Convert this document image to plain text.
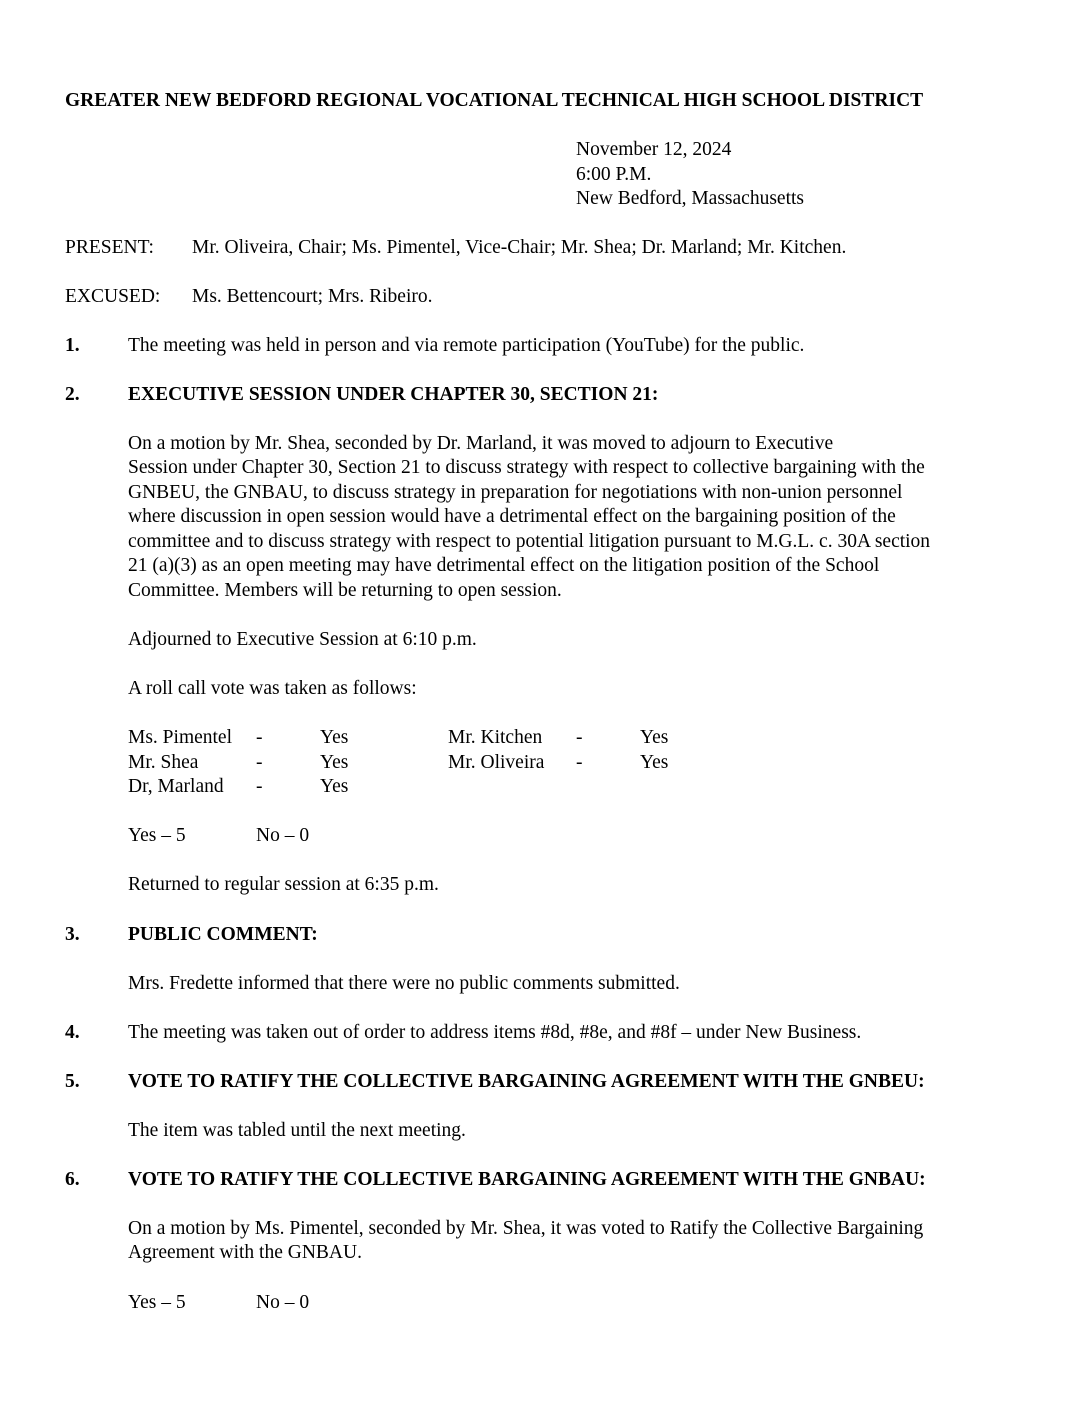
GREATER NEW BEDFORD REGIONAL VOCATIONAL TECHNICAL HIGH SCHOOL DISTRICT
November 12, 2024
6:00 P.M.
New Bedford, Massachusetts
PRESENT: Mr. Oliveira, Chair; Ms. Pimentel, Vice-Chair; Mr. Shea; Dr. Marland; Mr. Kitchen.
EXCUSED: Ms. Bettencourt; Mrs. Ribeiro.
1. The meeting was held in person and via remote participation (YouTube) for the public.
2. EXECUTIVE SESSION UNDER CHAPTER 30, SECTION 21:
On a motion by Mr. Shea, seconded by Dr. Marland, it was moved to adjourn to Executive
Session under Chapter 30, Section 21 to discuss strategy with respect to collective bargaining with the
GNBEU, the GNBAU, to discuss strategy in preparation for negotiations with non-union personnel
where discussion in open session would have a detrimental effect on the bargaining position of the
committee and to discuss strategy with respect to potential litigation pursuant to M.G.L. c. 30A section
21 (a)(3) as an open meeting may have detrimental effect on the litigation position of the School
Committee. Members will be returning to open session.
Adjourned to Executive Session at 6:10 p.m.
A roll call vote was taken as follows:
Ms. Pimentel -	Yes	Mr. Kitchen -	Yes
Mr. Shea	-	Yes	Mr. Oliveira -	Yes
Dr, Marland -	Yes
Yes – 5	No – 0
Returned to regular session at 6:35 p.m.
3. PUBLIC COMMENT:
Mrs. Fredette informed that there were no public comments submitted.
4. The meeting was taken out of order to address items #8d, #8e, and #8f – under New Business.
5. VOTE TO RATIFY THE COLLECTIVE BARGAINING AGREEMENT WITH THE GNBEU:
The item was tabled until the next meeting.
6. VOTE TO RATIFY THE COLLECTIVE BARGAINING AGREEMENT WITH THE GNBAU:
On a motion by Ms. Pimentel, seconded by Mr. Shea, it was voted to Ratify the Collective Bargaining
Agreement with the GNBAU.
Yes – 5	No – 0
